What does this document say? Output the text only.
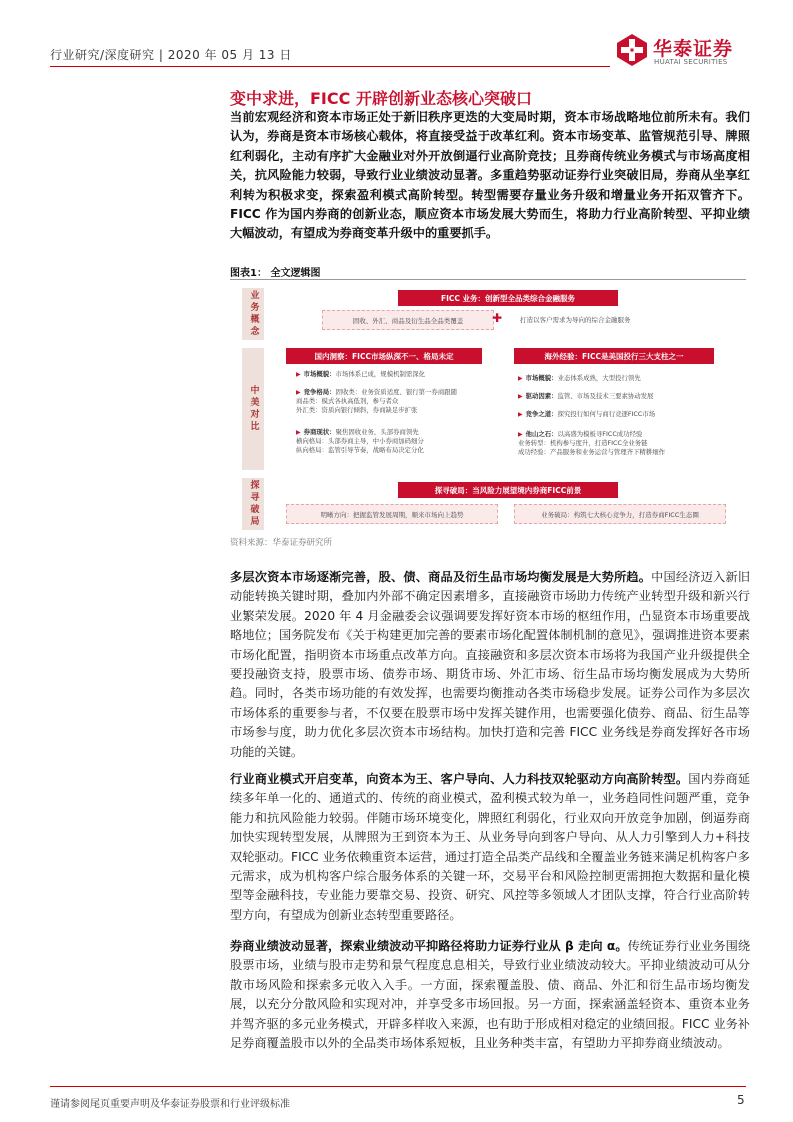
行业研究/深度研究 | 2020 年 05 月 13 日	华泰证券
HUATAI SECURITIES
变中求进，FICC 开辟创新业态核心突破口
当前宏观经济和资本市场正处于新旧秩序更迭的大变局时期，资本市场战略地位前所未有。我们认为，券商是资本市场核心载体，将直接受益于改革红利。资本市场变革、监管规范引导、牌照红利弱化，主动有序扩大金融业对外开放倒逼行业高阶竞技；且券商传统业务模式与市场高度相关，抗风险能力较弱，导致行业业绩波动显著。多重趋势驱动证券行业突破旧局，券商从坐享红利转为积极求变，探索盈利模式高阶转型。转型需要存量业务升级和增量业务开拓双管齐下。FICC 作为国内券商的创新业态，顺应资本市场发展大势而生，将助力行业高阶转型、平抑业绩大幅波动，有望成为券商变革升级中的重要抓手。
图表1： 全文逻辑图
业务概念
中美对比
探寻破局
FICC 业务：创新型全品类综合金融服务
固收、外汇、商品及衍生品全品类覆盖	✚	打造以客户需求为导向的综合金融服务
国内洞察：FICC市场纵深不一、格局未定
▶ 市场概貌：市场体系已成，规模机制需深化
▶ 竞争格局：固收类：业务资质适度、银行第一券商跟随
商品类：模式各执高低剂，参与者众
外汇类：资质向银行倾斜，券商缺足步扩张
▶ 券商现状：聚焦固收业务，头部券商领先
横向格局：头部券商主导，中小券商加码细分
纵向格局：监管引导节奏，战略布局决定分化
海外经验：FICC是美国投行三大支柱之一
▶ 市场概貌：业态体系成熟，大型投行领先
▶ 驱动因素：监管、市场及技术三要素协动发展
▶ 竞争之道：探究投行如何与商行竞逐FICC市场
▶ 他山之石：以高盛为模板寻FICC成功经验
业务转型：机构参与度升，打造FICC全业务链
成功经验：产品服务和业务运营与管理齐下精耕细作
探寻破局：当风险力展望境内券商FICC前景
明晰方向：把握监管发展周期，顺来市场向上趋势	业务破局：构筑七大核心竞争力，打造券商FICC生态圈
资料来源：华泰证券研究所
多层次资本市场逐渐完善，股、债、商品及衍生品市场均衡发展是大势所趋。中国经济迈入新旧动能转换关键时期，叠加内外部不确定因素增多，直接融资市场助力传统产业转型升级和新兴行业繁荣发展。2020 年 4 月金融委会议强调要发挥好资本市场的枢纽作用，凸显资本市场重要战略地位；国务院发布《关于构建更加完善的要素市场化配置体制机制的意见》，强调推进资本要素市场化配置，指明资本市场重点改革方向。直接融资和多层次资本市场将为我国产业升级提供全要投融资支持，股票市场、债券市场、期货市场、外汇市场、衍生品市场均衡发展成为大势所趋。同时，各类市场功能的有效发挥，也需要均衡推动各类市场稳步发展。证券公司作为多层次市场体系的重要参与者，不仅要在股票市场中发挥关键作用，也需要强化债券、商品、衍生品等市场参与度，助力优化多层次资本市场结构。加快打造和完善 FICC 业务线是券商发挥好各市场功能的关键。
行业商业模式开启变革，向资本为王、客户导向、人力科技双轮驱动方向高阶转型。国内券商延续多年单一化的、通道式的、传统的商业模式，盈利模式较为单一，业务趋同性问题严重，竞争能力和抗风险能力较弱。伴随市场环境变化，牌照红利弱化，行业双向开放竞争加剧，倒逼券商加快实现转型发展，从牌照为王到资本为王、从业务导向到客户导向、从人力引擎到人力+科技双轮驱动。FICC 业务依赖重资本运营，通过打造全品类产品线和全覆盖业务链来满足机构客户多元需求，成为机构客户综合服务体系的关键一环，交易平台和风险控制更需拥抱大数据和量化模型等金融科技，专业能力要靠交易、投资、研究、风控等多领域人才团队支撑，符合行业高阶转型方向，有望成为创新业态转型重要路径。
券商业绩波动显著，探索业绩波动平抑路径将助力证券行业从 β 走向 α。传统证券行业业务围绕股票市场，业绩与股市走势和景气程度息息相关，导致行业业绩波动较大。平抑业绩波动可从分散市场风险和探索多元收入入手。一方面，探索覆盖股、债、商品、外汇和衍生品市场均衡发展，以充分分散风险和实现对冲，并享受多市场回报。另一方面，探索涵盖轻资本、重资本业务并驾齐驱的多元业务模式，开辟多样收入来源，也有助于形成相对稳定的业绩回报。FICC 业务补足券商覆盖股市以外的全品类市场体系短板，且业务种类丰富，有望助力平抑券商业绩波动。
谨请参阅尾页重要声明及华泰证券股票和行业评级标准	5
